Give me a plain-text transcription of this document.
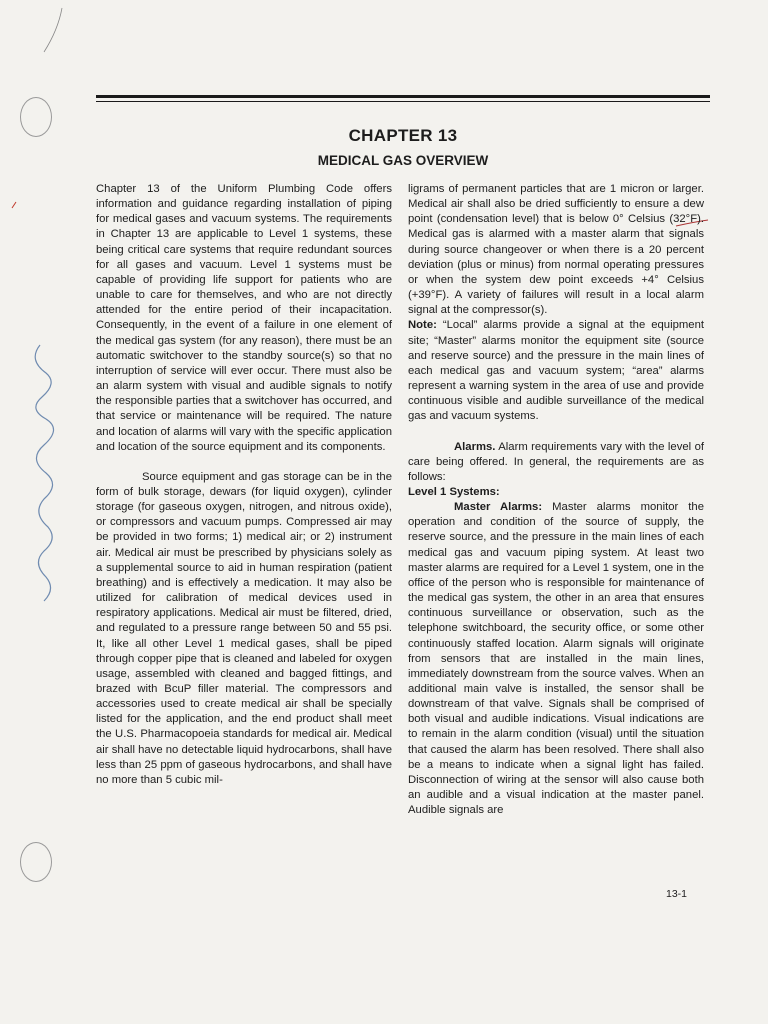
CHAPTER 13
MEDICAL GAS OVERVIEW

Chapter 13 of the Uniform Plumbing Code offers information and guidance regarding installation of piping for medical gases and vacuum systems. The requirements in Chapter 13 are applicable to Level 1 systems, these being critical care systems that require redundant sources for all gases and vacuum. Level 1 systems must be capable of providing life support for patients who are unable to care for themselves, and who are not directly attended for the entire period of their incapacitation. Consequently, in the event of a failure in one element of the medical gas system (for any reason), there must be an automatic switchover to the standby source(s) so that no interruption of service will ever occur. There must also be an alarm system with visual and audible signals to notify the responsible parties that a switchover has occurred, and that service or maintenance will be required. The nature and location of alarms will vary with the specific application and location of the source equipment and its components.

Source equipment and gas storage can be in the form of bulk storage, dewars (for liquid oxygen), cylinder storage (for gaseous oxygen, nitrogen, and nitrous oxide), or compressors and vacuum pumps. Compressed air may be provided in two forms; 1) medical air; or 2) instrument air. Medical air must be prescribed by physicians solely as a supplemental source to aid in human respiration (patient breathing) and is effectively a medication. It may also be utilized for calibration of medical devices used in respiratory applications. Medical air must be filtered, dried, and regulated to a pressure range between 50 and 55 psi. It, like all other Level 1 medical gases, shall be piped through copper pipe that is cleaned and labeled for oxygen usage, assembled with cleaned and bagged fittings, and brazed with BcuP filler material. The compressors and accessories used to create medical air shall be specially listed for the application, and the end product shall meet the U.S. Pharmacopoeia standards for medical air. Medical air shall have no detectable liquid hydrocarbons, shall have less than 25 ppm of gaseous hydrocarbons, and shall have no more than 5 cubic mil-

ligrams of permanent particles that are 1 micron or larger. Medical air shall also be dried sufficiently to ensure a dew point (condensation level) that is below 0° Celsius (32°F). Medical gas is alarmed with a master alarm that signals during source changeover or when there is a 20 percent deviation (plus or minus) from normal operating pressures or when the system dew point exceeds +4° Celsius (+39°F). A variety of failures will result in a local alarm signal at the compressor(s).

Note: “Local” alarms provide a signal at the equipment site; “Master” alarms monitor the equipment site (source and reserve source) and the pressure in the main lines of each medical gas and vacuum system; “area” alarms represent a warning system in the area of use and provide continuous visible and audible surveillance of the medical gas and vacuum systems.

Alarms. Alarm requirements vary with the level of care being offered. In general, the requirements are as follows:

Level 1 Systems:

Master Alarms: Master alarms monitor the operation and condition of the source of supply, the reserve source, and the pressure in the main lines of each medical gas and vacuum piping system. At least two master alarms are required for a Level 1 system, one in the office of the person who is responsible for maintenance of the medical gas system, the other in an area that ensures continuous surveillance or observation, such as the telephone switchboard, the security office, or some other continuously staffed location. Alarm signals will originate from sensors that are installed in the main lines, immediately downstream from the source valves. When an additional main valve is installed, the sensor shall be downstream of that valve. Signals shall be comprised of both visual and audible indications. Visual indications are to remain in the alarm condition (visual) until the situation that caused the alarm has been resolved. There shall also be a means to indicate when a signal light has failed. Disconnection of wiring at the sensor will also cause both an audible and a visual indication at the master panel. Audible signals are

13-1
